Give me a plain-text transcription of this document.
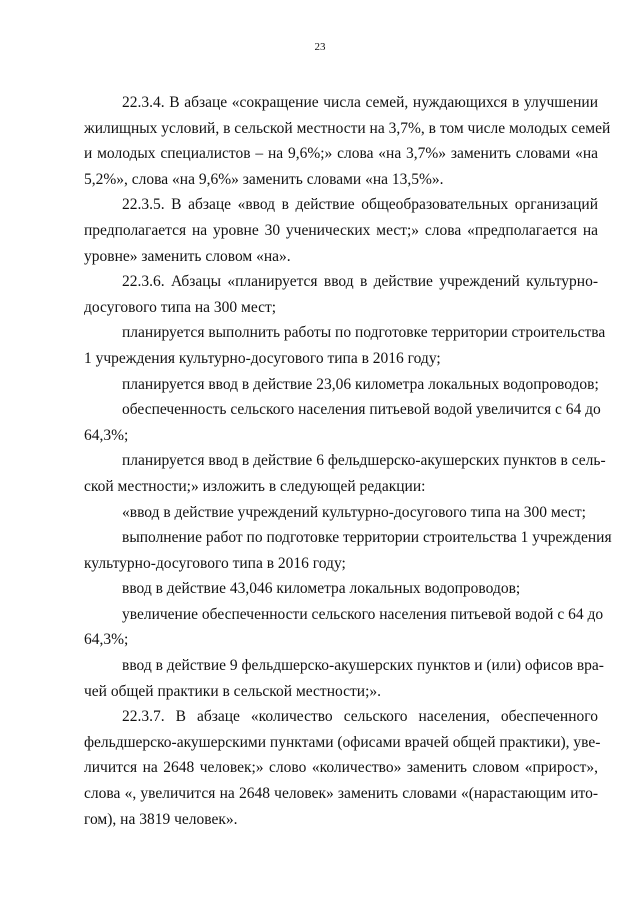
23
22.3.4. В абзаце «сокращение числа семей, нуждающихся в улучшении
жилищных условий, в сельской местности на 3,7%, в том числе молодых семей
и молодых специалистов – на 9,6%;» слова «на 3,7%» заменить словами «на
5,2%», слова «на 9,6%» заменить словами «на 13,5%».
22.3.5. В абзаце «ввод в действие общеобразовательных организаций
предполагается на уровне 30 ученических мест;» слова «предполагается на
уровне» заменить словом «на».
22.3.6. Абзацы «планируется ввод в действие учреждений культурно-
досугового типа на 300 мест;
планируется выполнить работы по подготовке территории строительства
1 учреждения культурно-досугового типа в 2016 году;
планируется ввод в действие 23,06 километра локальных водопроводов;
обеспеченность сельского населения питьевой водой увеличится с 64 до
64,3%;
планируется ввод в действие 6 фельдшерско-акушерских пунктов в сель-
ской местности;» изложить в следующей редакции:
«ввод в действие учреждений культурно-досугового типа на 300 мест;
выполнение работ по подготовке территории строительства 1 учреждения
культурно-досугового типа в 2016 году;
ввод в действие 43,046 километра локальных водопроводов;
увеличение обеспеченности сельского населения питьевой водой с 64 до
64,3%;
ввод в действие 9 фельдшерско-акушерских пунктов и (или) офисов вра-
чей общей практики в сельской местности;».
22.3.7. В абзаце «количество сельского населения, обеспеченного
фельдшерско-акушерскими пунктами (офисами врачей общей практики), уве-
личится на 2648 человек;» слово «количество» заменить словом «прирост»,
слова «, увеличится на 2648 человек» заменить словами «(нарастающим ито-
гом), на 3819 человек».
